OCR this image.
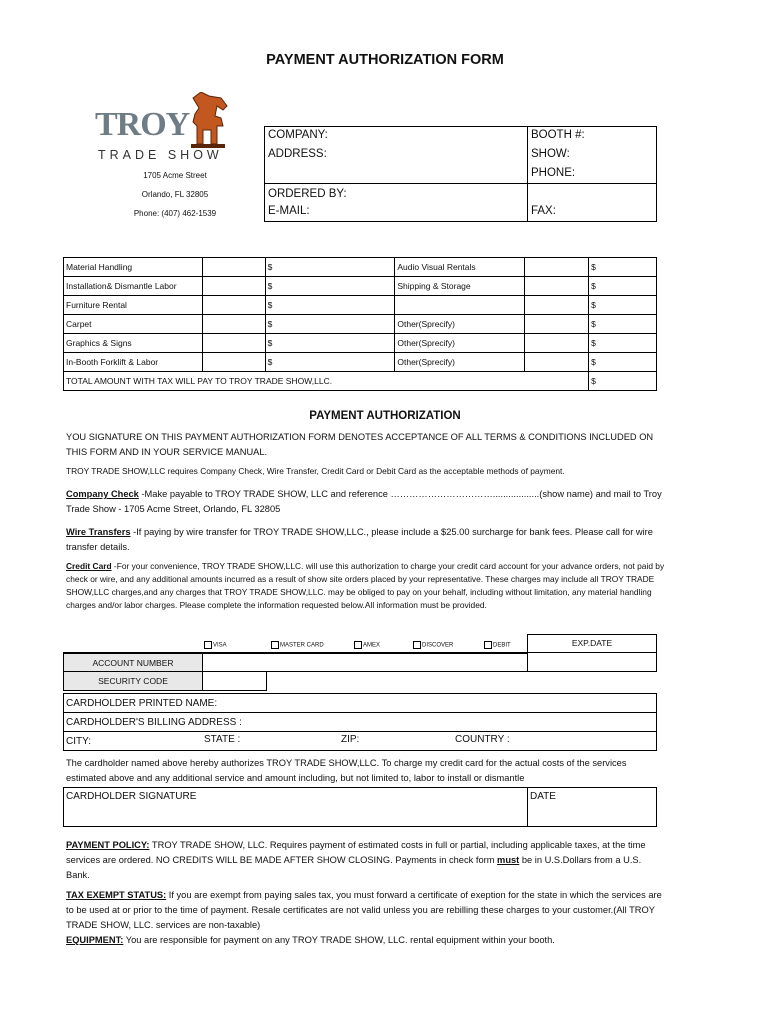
PAYMENT AUTHORIZATION FORM
TROY
TRADE SHOW
1705 Acme Street
Orlando, FL 32805
Phone: (407) 462-1539
COMPANY:
ADDRESS:
ORDERED BY:
E-MAIL:
BOOTH #:
SHOW:
PHONE:
FAX:
Material Handling		$	Audio Visual Rentals		$
Installation& Dismantle Labor		$	Shipping & Storage		$
Furniture Rental		$			$
Carpet		$	Other(Sprecify)		$
Graphics & Signs		$	Other(Sprecify)		$
In-Booth Forklift & Labor		$	Other(Sprecify)		$
TOTAL AMOUNT WITH TAX WILL PAY TO TROY TRADE SHOW,LLC.					$
PAYMENT AUTHORIZATION
YOU SIGNATURE ON THIS PAYMENT AUTHORIZATION FORM DENOTES ACCEPTANCE OF ALL TERMS & CONDITIONS INCLUDED ON THIS FORM AND IN YOUR SERVICE MANUAL.
TROY TRADE SHOW,LLC requires Company Check, Wire Transfer, Credit Card or Debit Card as the acceptable methods of payment.
Company Check -Make payable to TROY TRADE SHOW, LLC and reference ……………………………..................(show name) and mail to Troy Trade Show - 1705 Acme Street, Orlando, FL 32805
Wire Transfers -If paying by wire transfer for TROY TRADE SHOW,LLC., please include a $25.00 surcharge for bank fees. Please call for wire transfer details.
Credit Card -For your convenience, TROY TRADE SHOW,LLC. will use this authorization to charge your credit card account for your advance orders, not paid by check or wire, and any additional amounts incurred as a result of show site orders placed by your representative. These charges may include all TROY TRADE SHOW,LLC charges,and any charges that TROY TRADE SHOW,LLC. may be obliged to pay on your behalf, including without limitation, any material handling charges and/or labor charges. Please complete the information requested below.All information must be provided.
VISA	MASTER CARD	AMEX	DISCOVER	DEBIT	EXP.DATE
ACCOUNT NUMBER
SECURITY CODE
CARDHOLDER PRINTED NAME:
CARDHOLDER'S BILLING ADDRESS :
CITY:	STATE :	ZIP:	COUNTRY :
The cardholder named above hereby authorizes TROY TRADE SHOW,LLC. To charge my credit card for the actual costs of the services estimated above and any additional service and amount including, but not limited to, labor to install or dismantle
CARDHOLDER SIGNATURE	DATE
PAYMENT POLICY: TROY TRADE SHOW, LLC. Requires payment of estimated costs in full or partial, including applicable taxes, at the time services are ordered. NO CREDITS WILL BE MADE AFTER SHOW CLOSING. Payments in check form must be in U.S.Dollars from a U.S. Bank.
TAX EXEMPT STATUS: If you are exempt from paying sales tax, you must forward a certificate of exeption for the state in which the services are to be used at or prior to the time of payment. Resale certificates are not valid unless you are rebilling these charges to your customer.(All TROY TRADE SHOW, LLC. services are non-taxable)
EQUIPMENT: You are responsible for payment on any TROY TRADE SHOW, LLC. rental equipment within your booth.
